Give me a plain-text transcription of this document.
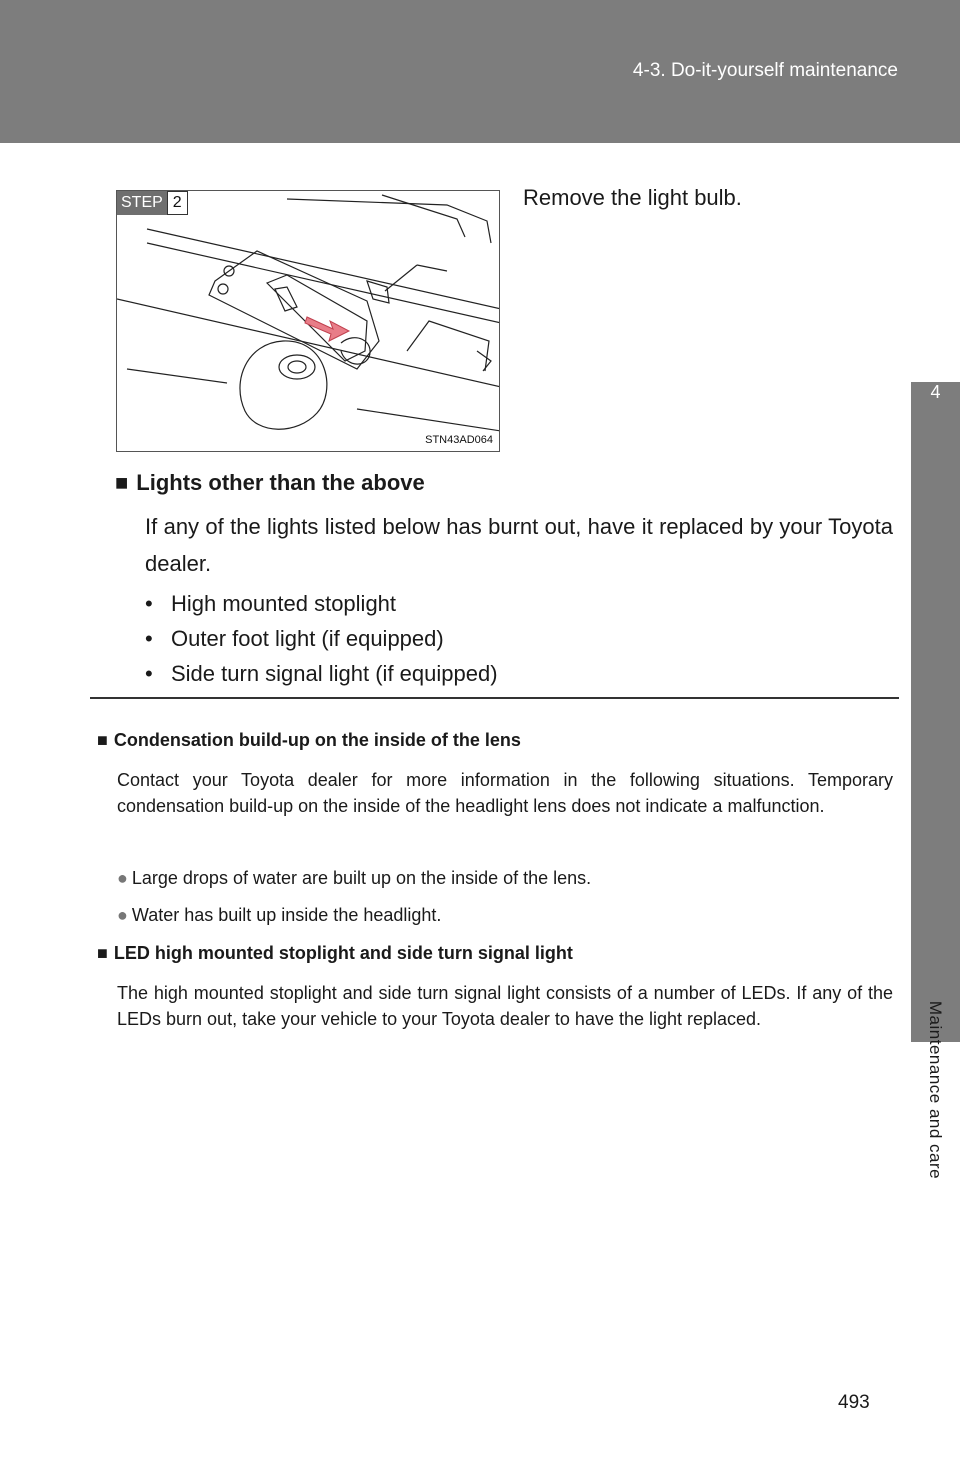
4-3. Do-it-yourself maintenance
4
Maintenance and care
STEP 2
STN43AD064
Remove the light bulb.
■ Lights other than the above
If any of the lights listed below has burnt out, have it replaced by your Toyota dealer.
• High mounted stoplight
• Outer foot light (if equipped)
• Side turn signal light (if equipped)
■ Condensation build-up on the inside of the lens
Contact your Toyota dealer for more information in the following situations. Temporary condensation build-up on the inside of the headlight lens does not indicate a malfunction.
● Large drops of water are built up on the inside of the lens.
● Water has built up inside the headlight.
■ LED high mounted stoplight and side turn signal light
The high mounted stoplight and side turn signal light consists of a number of LEDs. If any of the LEDs burn out, take your vehicle to your Toyota dealer to have the light replaced.
493
